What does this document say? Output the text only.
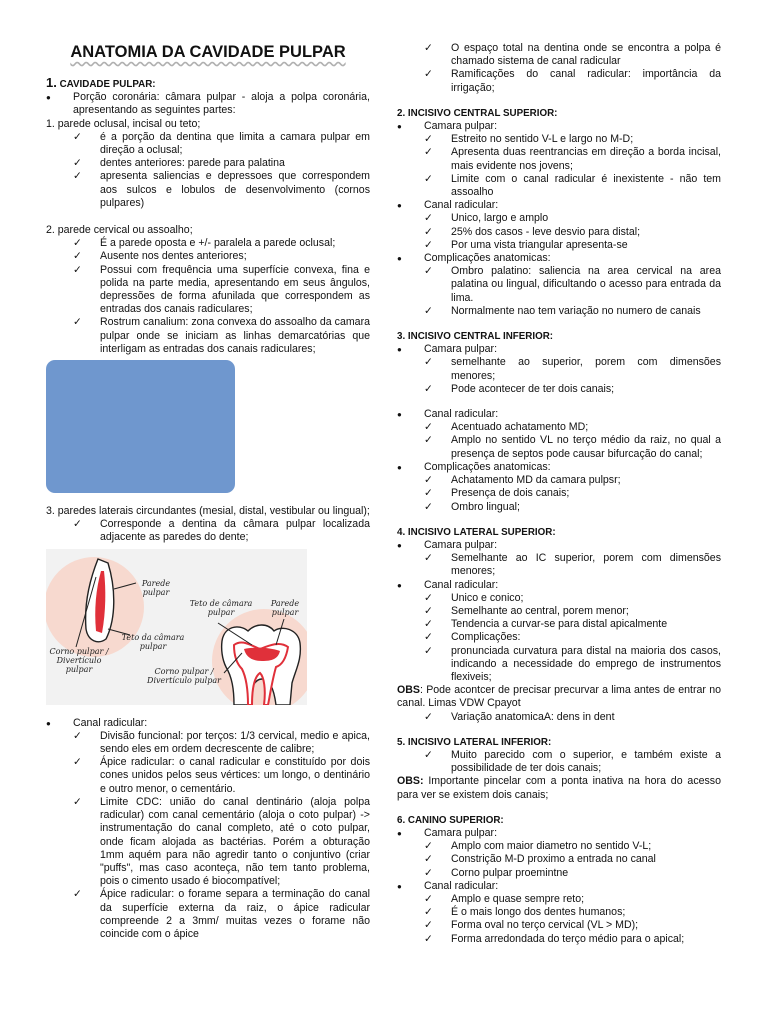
ANATOMIA DA CAVIDADE PULPAR

1. CAVIDADE PULPAR:

● Porção coronária: câmara pulpar - aloja a polpa coronária, apresentando as seguintes partes:

1. parede oclusal, incisal ou teto;

✓ é a porção da dentina que limita a camara pulpar em direção a oclusal;
✓ dentes anteriores: parede para palatina
✓ apresenta saliencias e depressoes que correspondem aos sulcos e lobulos de desenvolvimento (cornos pulpares)

2. parede cervical ou assoalho;

✓ É a parede oposta e +/- paralela a parede oclusal;
✓ Ausente nos dentes anteriores;
✓ Possui com frequência uma superfície convexa, fina e polida na parte media, apresentando em seus ângulos, depressões de forma afunilada que correspondem as entradas dos canais radiculares;
✓ Rostrum canalium: zona convexa do assoalho da camara pulpar onde se iniciam as linhas demarcatórias que interligam as entradas dos canais radiculares;

3. paredes laterais circundantes (mesial, distal, vestibular ou lingual);

✓ Corresponde a dentina da câmara pulpar localizada adjacente as paredes do dente;
Parede pulpar
Teto de câmara pulpar
Parede pulpar
Teto da câmara pulpar
Corno pulpar / Divertículo pulpar	Corno pulpar / Divertículo pulpar
● Canal radicular:
✓ Divisão funcional: por terços: 1/3 cervical, medio e apica, sendo eles em ordem decrescente de calibre;
✓ Ápice radicular: o canal radicular e constituído por dois cones unidos pelos seus vértices: um longo, o dentinário e outro menor, o cementário.
✓ Limite CDC: união do canal dentinário (aloja polpa radicular) com canal cementário (aloja o coto pulpar) -> instrumentação do canal completo, até o coto pulpar, onde ficam alojada as bactérias. Porém a obturação 1mm aquém para não agredir tanto o conjuntivo (criar "puffs", mas caso aconteça, não tem tanto problema, pois o cimento usado é biocompatível;
✓ Ápice radicular: o forame separa a terminação do canal da superfície externa da raiz, o ápice radicular compreende 2 a 3mm/ muitas vezes o forame não coincide com o ápice
✓ O espaço total na dentina onde se encontra a polpa é chamado sistema de canal radicular
✓ Ramificações do canal radicular: importância da irrigação;

2. INCISIVO CENTRAL SUPERIOR:

● Camara pulpar:
✓ Estreito no sentido V-L e largo no M-D;
✓ Apresenta duas reentrancias em direção a borda incisal, mais evidente nos jovens;
✓ Limite com o canal radicular é inexistente - não tem assoalho
● Canal radicular:
✓ Unico, largo e amplo
✓ 25% dos casos - leve desvio para distal;
✓ Por uma vista triangular apresenta-se
● Complicações anatomicas:
✓ Ombro palatino: saliencia na area cervical na area palatina ou lingual, dificultando o acesso para entrada da lima.
✓ Normalmente nao tem variação no numero de canais

3. INCISIVO CENTRAL INFERIOR:

● Camara pulpar:
✓ semelhante ao superior, porem com dimensões menores;
✓ Pode acontecer de ter dois canais;
● Canal radicular:
✓ Acentuado achatamento MD;
✓ Amplo no sentido VL no terço médio da raiz, no qual a presença de septos pode causar bifurcação do canal;
● Complicações anatomicas:
✓ Achatamento MD da camara pulpsr;
✓ Presença de dois canais;
✓ Ombro lingual;

4. INCISIVO LATERAL SUPERIOR:

● Camara pulpar:
✓ Semelhante ao IC superior, porem com dimensões menores;
● Canal radicular:
✓ Unico e conico;
✓ Semelhante ao central, porem menor;
✓ Tendencia a curvar-se para distal apicalmente
✓ Complicações:
✓ pronunciada curvatura para distal na maioria dos casos, indicando a necessidade do emprego de instrumentos flexiveis;

OBS: Pode acontcer de precisar precurvar a lima antes de entrar no canal. Limas VDW Cpayot

✓ Variação anatomicaA: dens in dent

5. INCISIVO LATERAL INFERIOR:

✓ Muito parecido com o superior, e também existe a possibilidade de ter dois canais;

OBS: Importante pincelar com a ponta inativa na hora do acesso para ver se existem dois canais;

6. CANINO SUPERIOR:

● Camara pulpar:
✓ Amplo com maior diametro no sentido V-L;
✓ Constrição M-D proximo a entrada no canal
✓ Corno pulpar proemintne
● Canal radicular:
✓ Amplo e quase sempre reto;
✓ É o mais longo dos dentes humanos;
✓ Forma oval no terço cervical (VL > MD);
✓ Forma arredondada do terço médio para o apical;
